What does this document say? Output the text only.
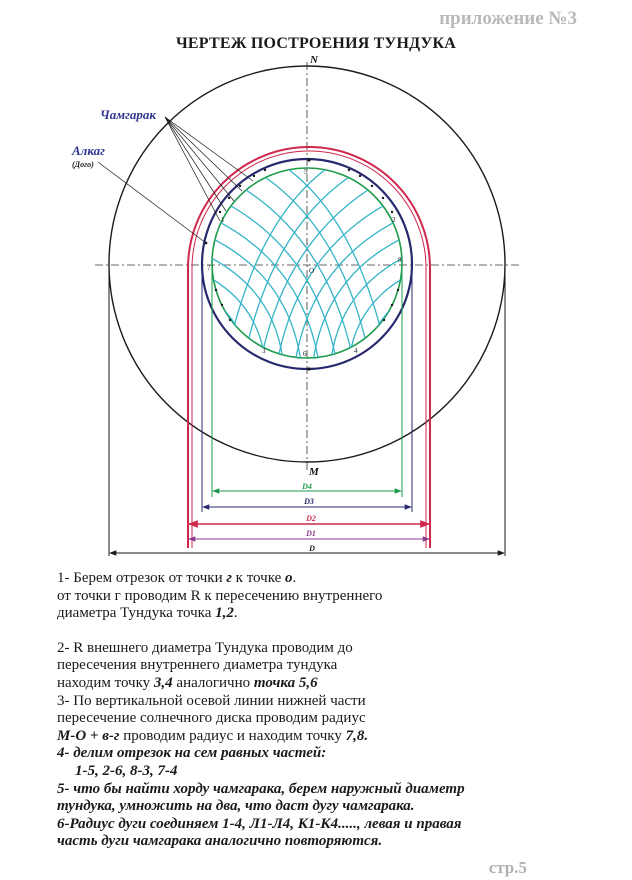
приложение №3
ЧЕРТЕЖ ПОСТРОЕНИЯ ТУНДУКА
1	2
3	4
5
6
7
8
O
N
M
Чамгарак
Алкаг
(Дого)
D4
D3
D2
D1
D

1- Берем отрезок от точки г к точке о.

от точки г проводим R к пересечению внутреннего

диаметра Тундука точка 1,2.

2- R внешнего диаметра Тундука проводим до

пересечения внутреннего диаметра тундука

находим точку 3,4 аналогично точка 5,6

3- По вертикальной осевой линии нижней части

пересечение солнечного диска проводим радиус

М-О + в-г проводим радиус и находим точку 7,8.

4- делим отрезок на сем равных частей:

1-5, 2-6, 8-3, 7-4

5- что бы найти хорду чамгарака, берем наружный диаметр

тундука, умножить на два, что даст дугу чамгарака.

6-Радиус дуги соединяем 1-4, Л1-Л4, К1-К4....., левая и правая

часть дуги чамгарака аналогично повторяются.

стр.5
